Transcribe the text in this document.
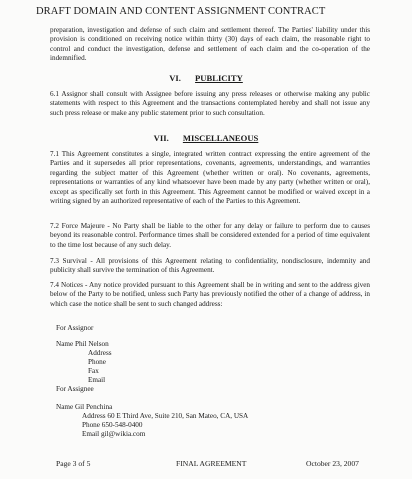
DRAFT DOMAIN AND CONTENT ASSIGNMENT CONTRACT
preparation, investigation and defense of such claim and settlement thereof. The Parties' liability under this provision is conditioned on receiving notice within thirty (30) days of each claim, the reasonable right to control and conduct the investigation, defense and settlement of each claim and the co-operation of the indemnified.
VI. PUBLICITY
6.1 Assignor shall consult with Assignee before issuing any press releases or otherwise making any public statements with respect to this Agreement and the transactions contemplated hereby and shall not issue any such press release or make any public statement prior to such consultation.
VII. MISCELLANEOUS
7.1 This Agreement constitutes a single, integrated written contract expressing the entire agreement of the Parties and it supersedes all prior representations, covenants, agreements, understandings, and warranties regarding the subject matter of this Agreement (whether written or oral). No covenants, agreements, representations or warranties of any kind whatsoever have been made by any party (whether written or oral), except as specifically set forth in this Agreement. This Agreement cannot be modified or waived except in a writing signed by an authorized representative of each of the Parties to this Agreement.
7.2 Force Majeure - No Party shall be liable to the other for any delay or failure to perform due to causes beyond its reasonable control. Performance times shall be considered extended for a period of time equivalent to the time lost because of any such delay.
7.3 Survival - All provisions of this Agreement relating to confidentiality, nondisclosure, indemnity and publicity shall survive the termination of this Agreement.
7.4 Notices - Any notice provided pursuant to this Agreement shall be in writing and sent to the address given below of the Party to be notified, unless such Party has previously notified the other of a change of address, in which case the notice shall be sent to such changed address:
For Assignor
Name Phil Nelson
Address
Phone
Fax
Email
For Assignee
Name Gil Penchina
Address 60 E Third Ave, Suite 210, San Mateo, CA, USA
Phone 650-548-0400
Email gil@wikia.com
Page 3 of 5	FINAL AGREEMENT	October 23, 2007
